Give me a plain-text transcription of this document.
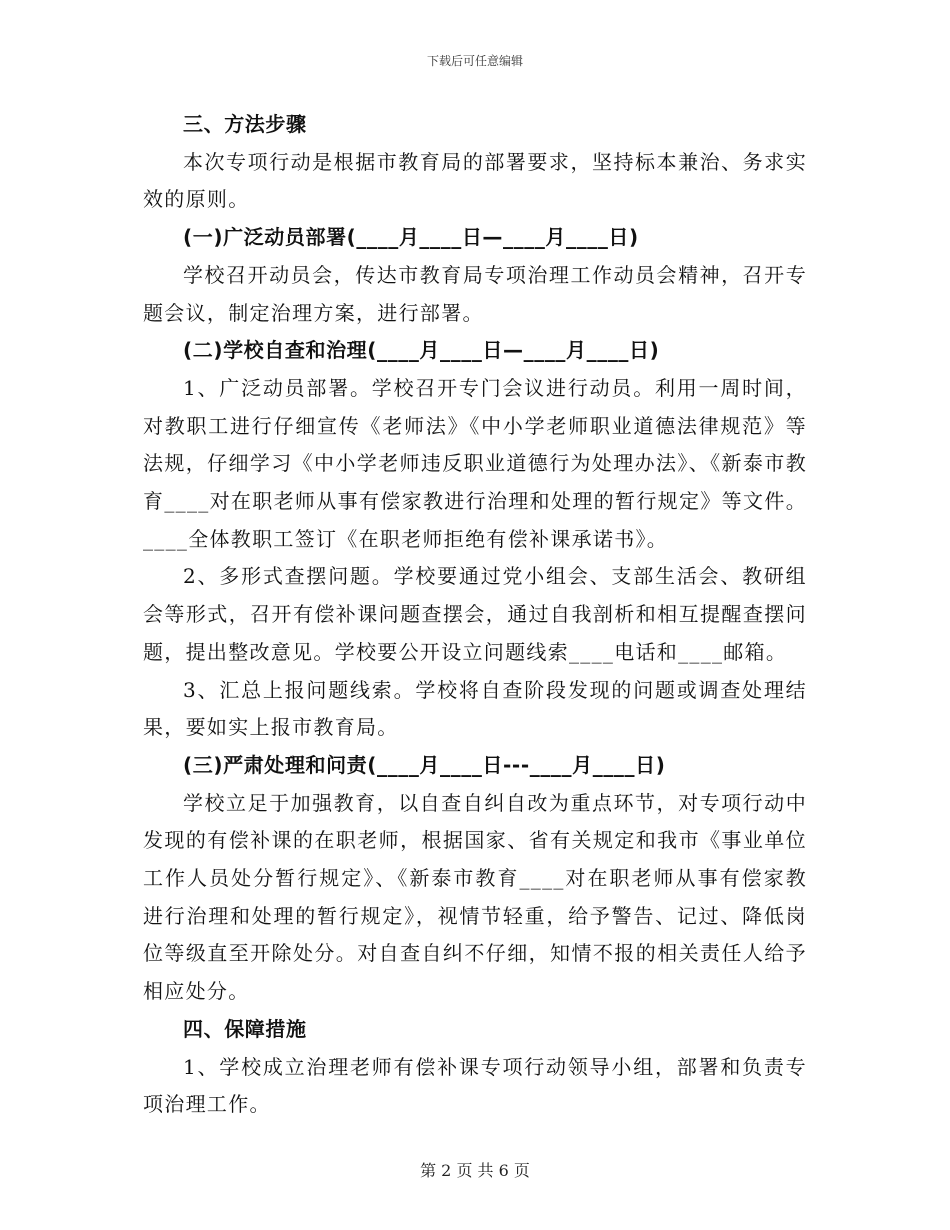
下载后可任意编辑

三、方法步骤

本次专项行动是根据市教育局的部署要求，坚持标本兼治、务求实效的原则。

(一)广泛动员部署(____月____日—____月____日)

学校召开动员会，传达市教育局专项治理工作动员会精神，召开专题会议，制定治理方案，进行部署。

(二)学校自查和治理(____月____日—____月____日)

1、广泛动员部署。学校召开专门会议进行动员。利用一周时间，对教职工进行仔细宣传《老师法》《中小学老师职业道德法律规范》等法规，仔细学习《中小学老师违反职业道德行为处理办法》、《新泰市教育____对在职老师从事有偿家教进行治理和处理的暂行规定》等文件。____全体教职工签订《在职老师拒绝有偿补课承诺书》。

2、多形式查摆问题。学校要通过党小组会、支部生活会、教研组会等形式，召开有偿补课问题查摆会，通过自我剖析和相互提醒查摆问题，提出整改意见。学校要公开设立问题线索____电话和____邮箱。

3、汇总上报问题线索。学校将自查阶段发现的问题或调查处理结果，要如实上报市教育局。

(三)严肃处理和问责(____月____日---____月____日)

学校立足于加强教育，以自查自纠自改为重点环节，对专项行动中发现的有偿补课的在职老师，根据国家、省有关规定和我市《事业单位工作人员处分暂行规定》、《新泰市教育____对在职老师从事有偿家教进行治理和处理的暂行规定》，视情节轻重，给予警告、记过、降低岗位等级直至开除处分。对自查自纠不仔细，知情不报的相关责任人给予相应处分。

四、保障措施

1、学校成立治理老师有偿补课专项行动领导小组，部署和负责专项治理工作。

第 2 页 共 6 页
